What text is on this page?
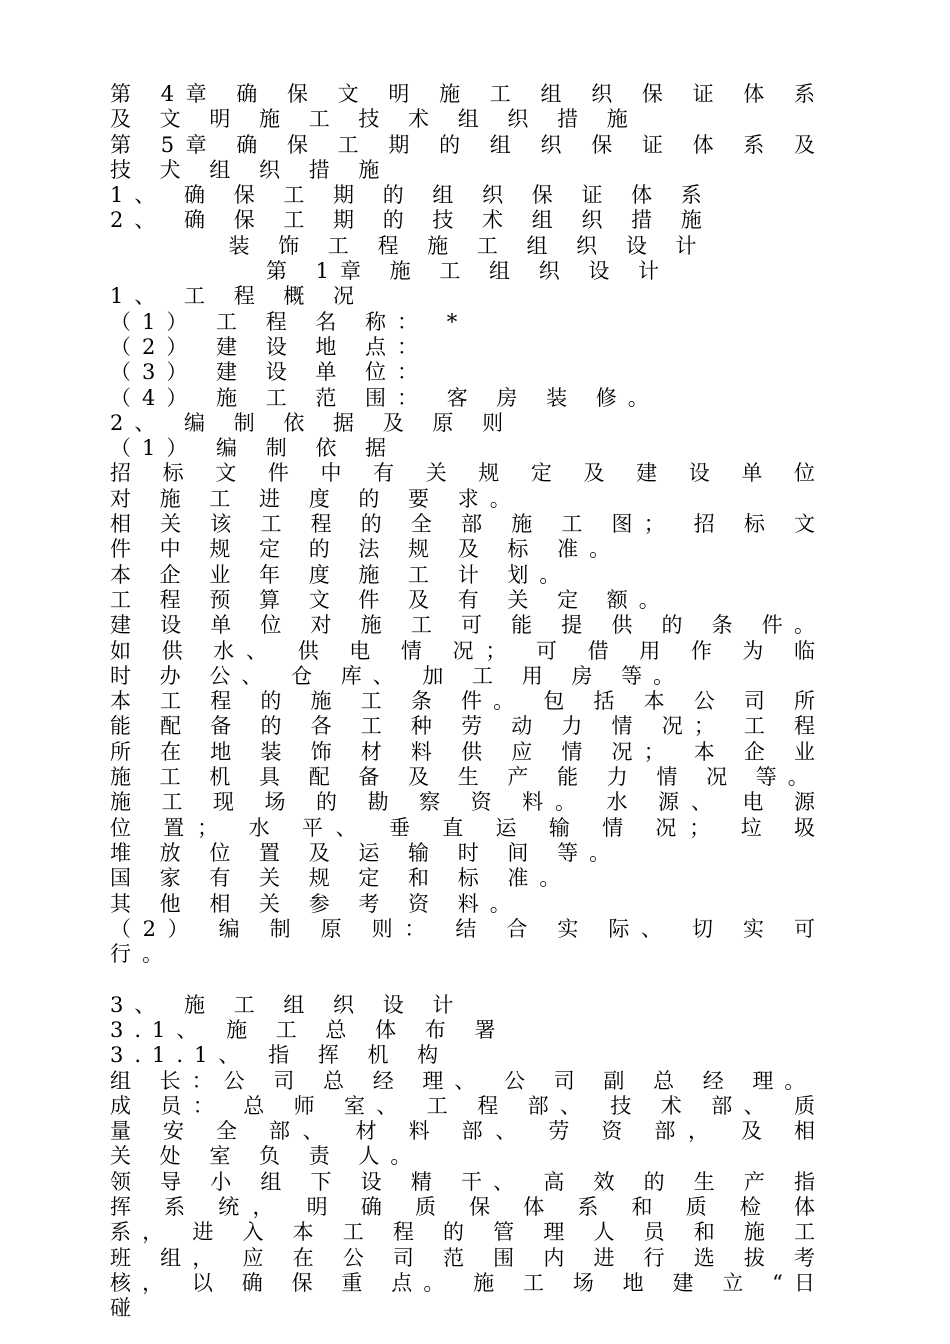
第 4章 确 保 文 明 施 工 组 织 保 证 体 系 及 文 明 施 工 技 术 组 织 措 施

第 5章 确 保 工 期 的 组 织 保 证 体 系 及 技 犬 组 织 措 施

1、 确 保 工 期 的 组 织 保 证 体 系

2、 确 保 工 期 的 技 术 组 织 措 施

装 饰 工 程 施 工 组 织 设 计

第 1章 施 工 组 织 设 计

1、 工 程 概 况

（1） 工 程 名 称： *

（2） 建 设 地 点：

（3） 建 设 单 位：

（4） 施 工 范 围： 客 房 装 修。

2、 编 制 依 据 及 原 则

（1） 编 制 依 据

招 标 文 件 中 有 关 规 定 及 建 设 单 位 对 施 工 进 度 的 要 求。

相 关 该 工 程 的 全 部 施 工 图； 招 标 文 件 中 规 定 的 法 规 及 标 准。

本 企 业 年 度 施 工 计 划。

工 程 预 算 文 件 及 有 关 定 额。

建 设 单 位 对 施 工 可 能 提 供 的 条 件。 如 供 水、 供 电 情 况； 可 借 用 作 为 临 时 办 公、 仓 库、 加 工 用 房 等。

本 工 程 的 施 工 条 件。 包 括 本 公 司 所 能 配 备 的 各 工 种 劳 动 力 情 况； 工 程 所 在 地 装 饰 材 料 供 应 情 况； 本 企 业 施 工 机 具 配 备 及 生 产 能 力 情 况 等。

施 工 现 场 的 勘 察 资 料。 水 源、 电 源 位 置； 水 平、 垂 直 运 输 情 况； 垃 圾 堆 放 位 置 及 运 输 时 间 等。

国 家 有 关 规 定 和 标 准。

其 他 相 关 参 考 资 料。

（2） 编 制 原 则： 结 合 实 际、 切 实 可 行。

3、 施 工 组 织 设 计

3.1、 施 工 总 体 布 署

3.1.1、 指 挥 机 构

组 长：公 司 总 经 理、 公 司 副 总 经 理。

成 员： 总 师 室、 工 程 部、 技 术 部、 质 量 安 全 部、 材 料 部、 劳 资 部， 及 相 关 处 室 负 责 人。

领 导 小 组 下 设 精 干、 高 效 的 生 产 指 挥 系 统， 明 确 质 保 体 系 和 质 检 体 系， 进 入 本 工 程 的 管 理 人 员 和 施 工 班 组， 应 在 公 司 范 围 内 进 行 选 拔 考 核， 以 确 保 重 点。 施 工 场 地 建 立 “日 碰
